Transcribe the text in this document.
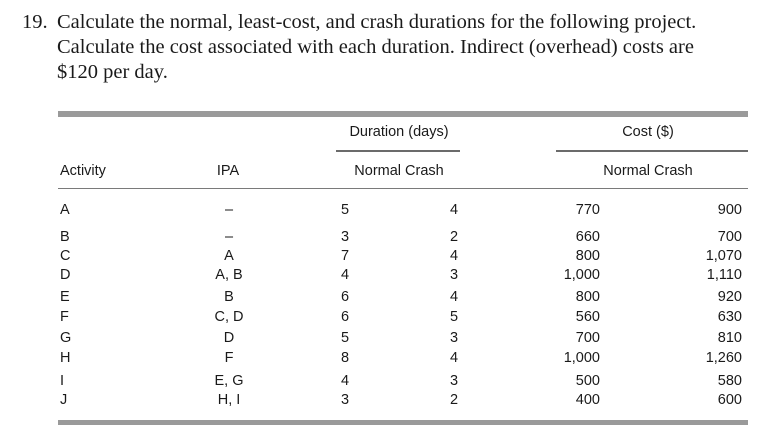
19. Calculate the normal, least-cost, and crash durations for the following project.
Calculate the cost associated with each duration. Indirect (overhead) costs are
$120 per day.
Duration (days)	Cost ($)
Activity	IPA	Normal Crash	Normal Crash
A	–	5	4	770	900
B	–	3	2	660	700
C	A	7	4	800	1,070
D	A, B	4	3	1,000	1,110
E	B	6	4	800	920
F	C, D	6	5	560	630
G	D	5	3	700	810
H	F	8	4	1,000	1,260
I	E, G	4	3	500	580
J	H, I	3	2	400	600
